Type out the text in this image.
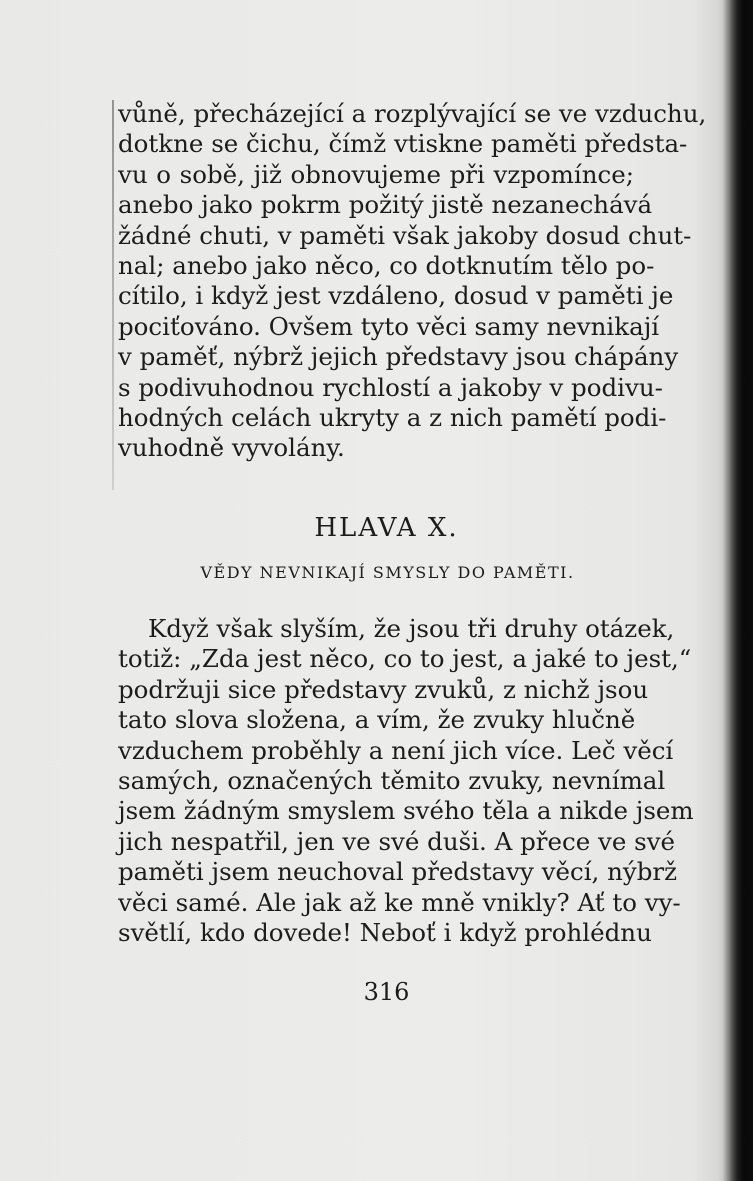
vůně, přecházející a rozplývající se ve vzduchu,
dotkne se čichu, čímž vtiskne paměti předsta-
vu o sobě, již obnovujeme při vzpomínce;
anebo jako pokrm požitý jistě nezanechává
žádné chuti, v paměti však jakoby dosud chut-
nal; anebo jako něco, co dotknutím tělo po-
cítilo, i když jest vzdáleno, dosud v paměti je
pociťováno. Ovšem tyto věci samy nevnikají
v paměť, nýbrž jejich představy jsou chápány
s podivuhodnou rychlostí a jakoby v podivu-
hodných celách ukryty a z nich pamětí podi-
vuhodně vyvolány.
HLAVA X.
VĚDY NEVNIKAJÍ SMYSLY DO PAMĚTI.
Když však slyším, že jsou tři druhy otázek,
totiž: „Zda jest něco, co to jest, a jaké to jest,“
podržuji sice představy zvuků, z nichž jsou
tato slova složena, a vím, že zvuky hlučně
vzduchem proběhly a není jich více. Leč věcí
samých, označených těmito zvuky, nevnímal
jsem žádným smyslem svého těla a nikde jsem
jich nespatřil, jen ve své duši. A přece ve své
paměti jsem neuchoval představy věcí, nýbrž
věci samé. Ale jak až ke mně vnikly? Ať to vy-
světlí, kdo dovede! Neboť i když prohlédnu
316
